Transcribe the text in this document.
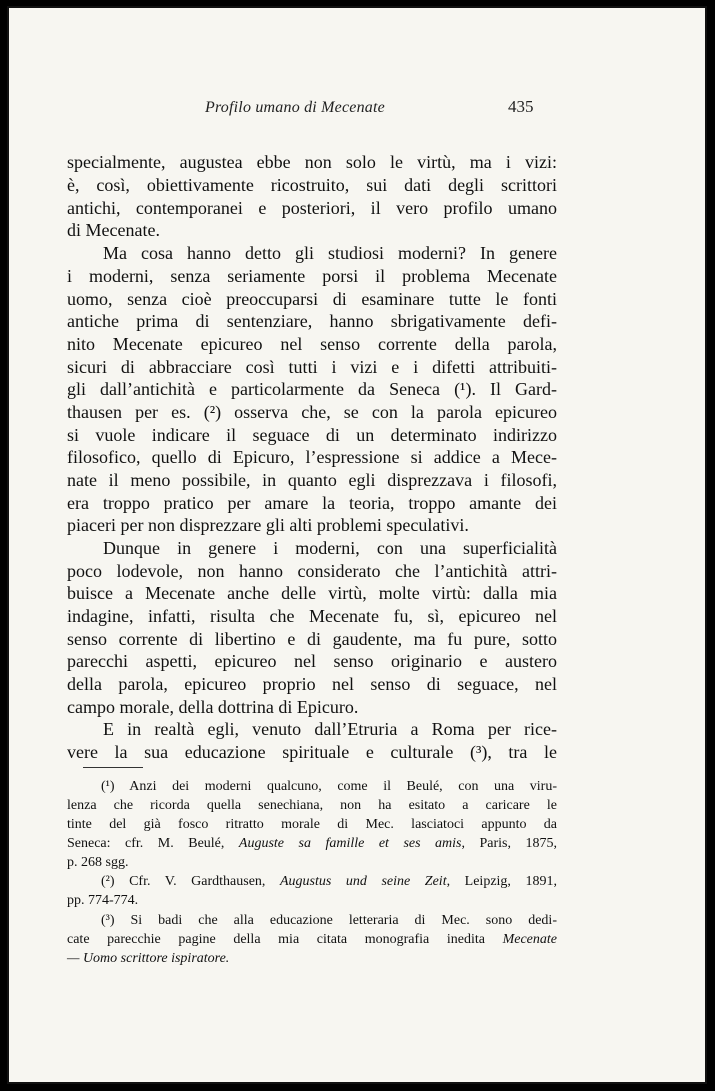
Profilo umano di Mecenate	435
specialmente, augustea ebbe non solo le virtù, ma i vizi:
è, così, obiettivamente ricostruito, sui dati degli scrittori
antichi, contemporanei e posteriori, il vero profilo umano
di Mecenate.
Ma cosa hanno detto gli studiosi moderni? In genere
i moderni, senza seriamente porsi il problema Mecenate
uomo, senza cioè preoccuparsi di esaminare tutte le fonti
antiche prima di sentenziare, hanno sbrigativamente defi-
nito Mecenate epicureo nel senso corrente della parola,
sicuri di abbracciare così tutti i vizi e i difetti attribuiti-
gli dall’antichità e particolarmente da Seneca (¹). Il Gard-
thausen per es. (²) osserva che, se con la parola epicureo
si vuole indicare il seguace di un determinato indirizzo
filosofico, quello di Epicuro, l’espressione si addice a Mece-
nate il meno possibile, in quanto egli disprezzava i filosofi,
era troppo pratico per amare la teoria, troppo amante dei
piaceri per non disprezzare gli alti problemi speculativi.
Dunque in genere i moderni, con una superficialità
poco lodevole, non hanno considerato che l’antichità attri-
buisce a Mecenate anche delle virtù, molte virtù: dalla mia
indagine, infatti, risulta che Mecenate fu, sì, epicureo nel
senso corrente di libertino e di gaudente, ma fu pure, sotto
parecchi aspetti, epicureo nel senso originario e austero
della parola, epicureo proprio nel senso di seguace, nel
campo morale, della dottrina di Epicuro.
E in realtà egli, venuto dall’Etruria a Roma per rice-
vere la sua educazione spirituale e culturale (³), tra le
(¹) Anzi dei moderni qualcuno, come il Beulé, con una viru-
lenza che ricorda quella senechiana, non ha esitato a caricare le
tinte del già fosco ritratto morale di Mec. lasciatoci appunto da
Seneca: cfr. M. Beulé, Auguste sa famille et ses amis, Paris, 1875,
p. 268 sgg.
(²) Cfr. V. Gardthausen, Augustus und seine Zeit, Leipzig, 1891,
pp. 774-774.
(³) Si badi che alla educazione letteraria di Mec. sono dedi-
cate parecchie pagine della mia citata monografia inedita Mecenate
— Uomo scrittore ispiratore.
